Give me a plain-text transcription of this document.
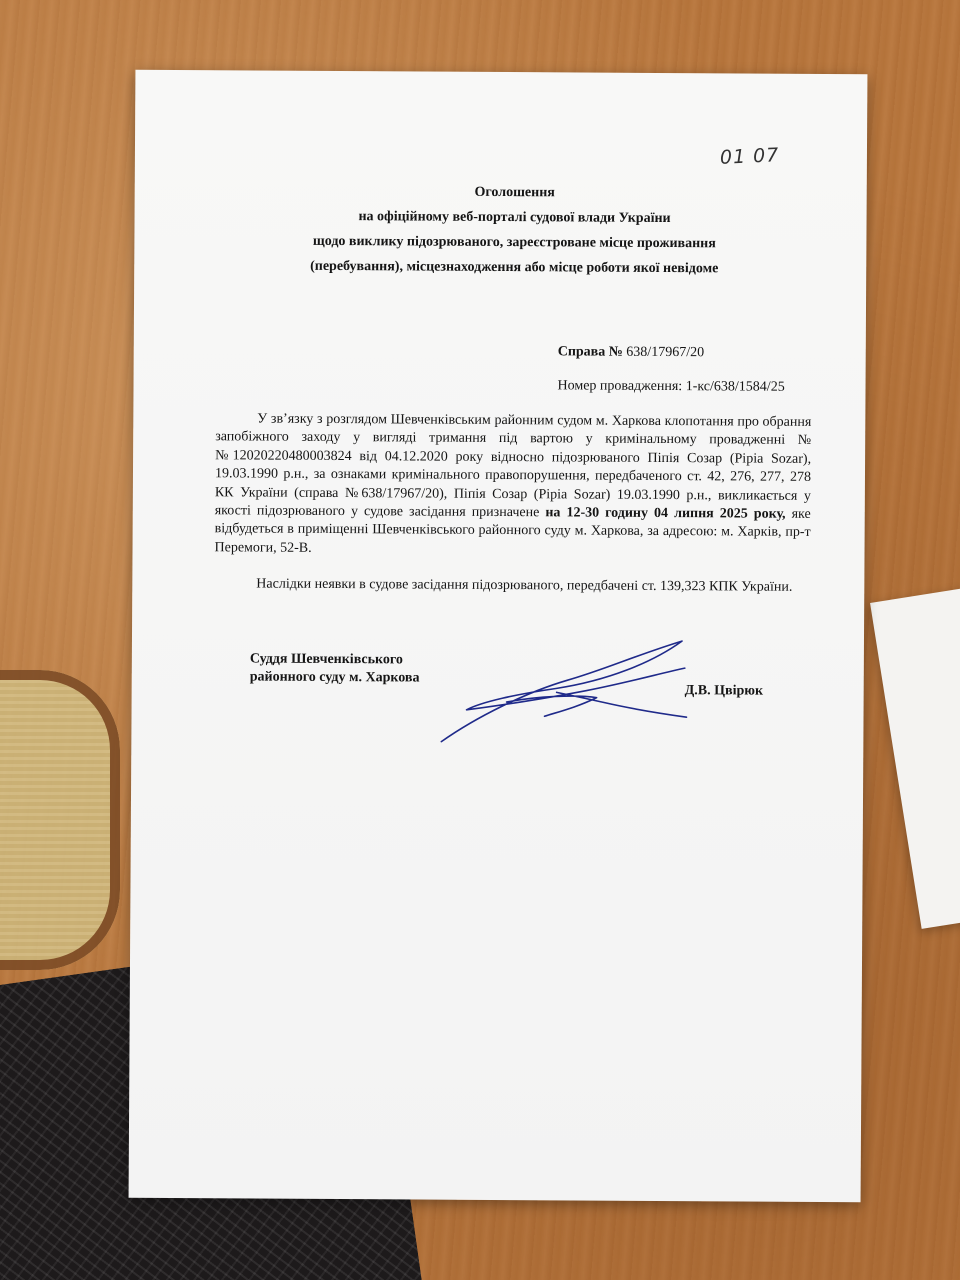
01 07
Оголошення
на офіційному веб-порталі судової влади України
щодо виклику підозрюваного, зареєстроване місце проживання
(перебування), місцезнаходження або місце роботи якої невідоме
Справа № 638/17967/20
Номер провадження: 1-кс/638/1584/25

У зв’язку з розглядом Шевченківським районним судом м. Харкова клопотання про обрання запобіжного заходу у вигляді тримання під вартою у кримінальному провадженні №№12020220480003824 від 04.12.2020 року відносно підозрюваного Піпія Созар (Pipia Sozar), 19.03.1990 р.н., за ознаками кримінального правопорушення, передбаченого ст. 42, 276, 277, 278 КК України (справа №638/17967/20), Піпія Созар (Pipia Sozar) 19.03.1990 р.н., викликається у якості підозрюваного у судове засідання призначене на 12-30 годину 04 липня 2025 року, яке відбудеться в приміщенні Шевченківського районного суду м. Харкова, за адресою: м. Харків, пр-т Перемоги, 52-В.

Наслідки неявки в судове засідання підозрюваного, передбачені ст. 139,323 КПК України.

Суддя Шевченківського
районного суду м. Харкова
Д.В. Цвірюк
